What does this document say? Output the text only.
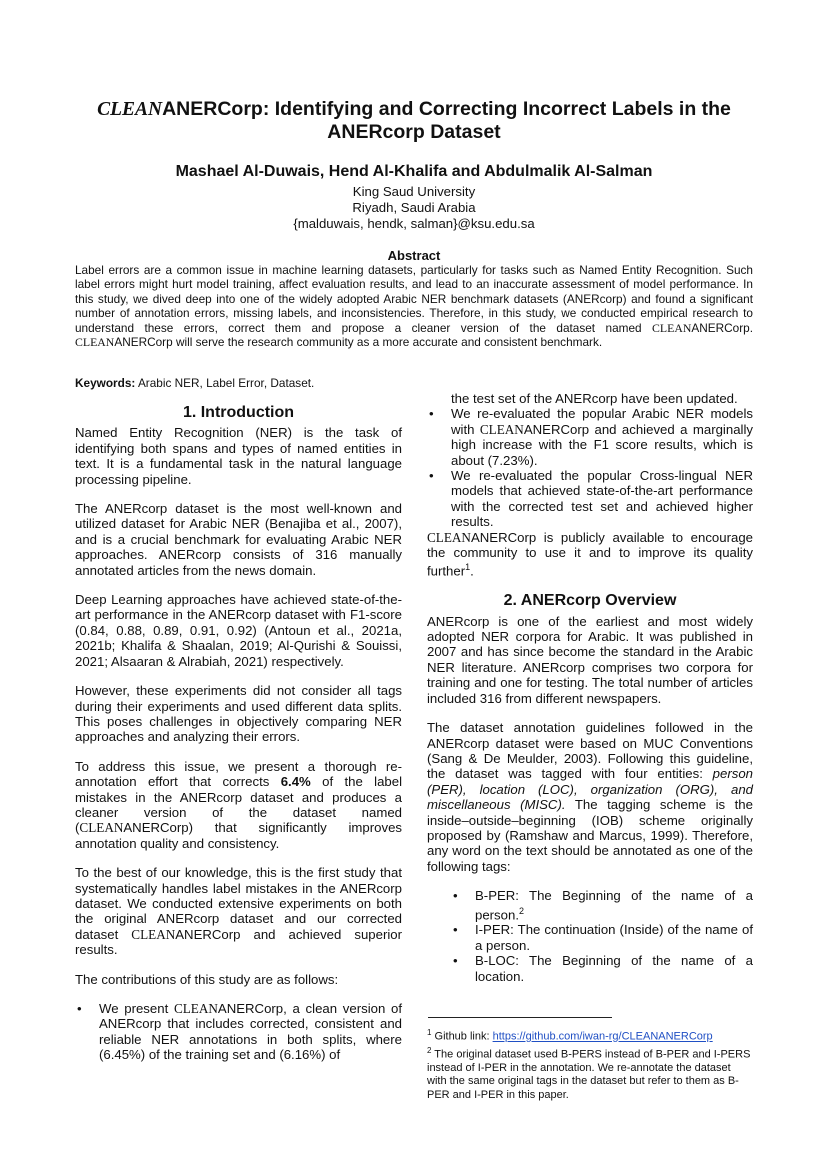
CLEANANERCorp: Identifying and Correcting Incorrect Labels in the
ANERcorp Dataset
Mashael Al-Duwais, Hend Al-Khalifa and Abdulmalik Al-Salman
King Saud University
Riyadh, Saudi Arabia
{malduwais, hendk, salman}@ksu.edu.sa
Abstract
Label errors are a common issue in machine learning datasets, particularly for tasks such as Named Entity Recognition. Such label errors might hurt model training, affect evaluation results, and lead to an inaccurate assessment of model performance. In this study, we dived deep into one of the widely adopted Arabic NER benchmark datasets (ANERcorp) and found a significant number of annotation errors, missing labels, and inconsistencies. Therefore, in this study, we conducted empirical research to understand these errors, correct them and propose a cleaner version of the dataset named CLEANANERCorp. CLEANANERCorp will serve the research community as a more accurate and consistent benchmark.
Keywords: Arabic NER, Label Error, Dataset.
1. Introduction

Named Entity Recognition (NER) is the task of identifying both spans and types of named entities in text. It is a fundamental task in the natural language processing pipeline.

The ANERcorp dataset is the most well-known and utilized dataset for Arabic NER (Benajiba et al., 2007), and is a crucial benchmark for evaluating Arabic NER approaches. ANERcorp consists of 316 manually annotated articles from the news domain.

Deep Learning approaches have achieved state-of-the-art performance in the ANERcorp dataset with F1-score (0.84, 0.88, 0.89, 0.91, 0.92) (Antoun et al., 2021a, 2021b; Khalifa & Shaalan, 2019; Al-Qurishi & Souissi, 2021; Alsaaran & Alrabiah, 2021) respectively.

However, these experiments did not consider all tags during their experiments and used different data splits. This poses challenges in objectively comparing NER approaches and analyzing their errors.

To address this issue, we present a thorough re-annotation effort that corrects 6.4% of the label mistakes in the ANERcorp dataset and produces a cleaner version of the dataset named (CLEANANERCorp) that significantly improves annotation quality and consistency.

To the best of our knowledge, this is the first study that systematically handles label mistakes in the ANERcorp dataset. We conducted extensive experiments on both the original ANERcorp dataset and our corrected dataset CLEANANERCorp and achieved superior results.

The contributions of this study are as follows:

• We present CLEANANERCorp, a clean version of ANERcorp that includes corrected, consistent and reliable NER annotations in both splits, where (6.45%) of the training set and (6.16%) of
the test set of the ANERcorp have been updated.
• We re-evaluated the popular Arabic NER models with CLEANANERCorp and achieved a marginally high increase with the F1 score results, which is about (7.23%).
• We re-evaluated the popular Cross-lingual NER models that achieved state-of-the-art performance with the corrected test set and achieved higher results.

CLEANANERCorp is publicly available to encourage the community to use it and to improve its quality further$^1$.

2. ANERcorp Overview

ANERcorp is one of the earliest and most widely adopted NER corpora for Arabic. It was published in 2007 and has since become the standard in the Arabic NER literature. ANERcorp comprises two corpora for training and one for testing. The total number of articles included 316 from different newspapers.

The dataset annotation guidelines followed in the ANERcorp dataset were based on MUC Conventions (Sang & De Meulder, 2003). Following this guideline, the dataset was tagged with four entities: person (PER), location (LOC), organization (ORG), and miscellaneous (MISC). The tagging scheme is the inside–outside–beginning (IOB) scheme originally proposed by (Ramshaw and Marcus, 1999). Therefore, any word on the text should be annotated as one of the following tags:

• B-PER: The Beginning of the name of a person.$^2$
• I-PER: The continuation (Inside) of the name of a person.
• B-LOC: The Beginning of the name of a location.
$^1$ Github link: https://github.com/iwan-rg/CLEANANERCorp
$^2$ The original dataset used B-PERS instead of B-PER and I-PERS instead of I-PER in the annotation. We re-annotate the dataset with the same original tags in the dataset but refer to them as B-PER and I-PER in this paper.
